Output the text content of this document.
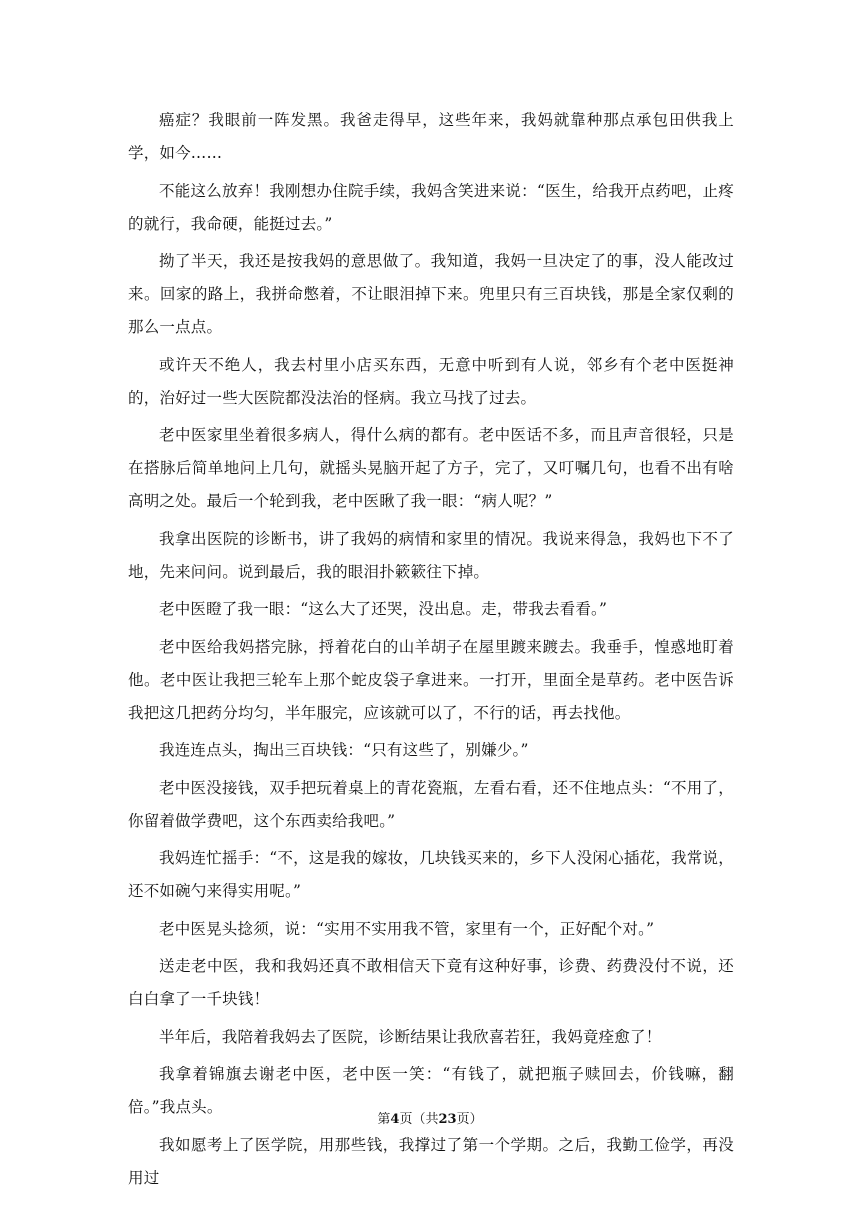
癌症？我眼前一阵发黑。我爸走得早，这些年来，我妈就靠种那点承包田供我上学，如今……

不能这么放弃！我刚想办住院手续，我妈含笑进来说：“医生，给我开点药吧，止疼的就行，我命硬，能挺过去。”

拗了半天，我还是按我妈的意思做了。我知道，我妈一旦决定了的事，没人能改过来。回家的路上，我拼命憋着，不让眼泪掉下来。兜里只有三百块钱，那是全家仅剩的那么一点点。

或许天不绝人，我去村里小店买东西，无意中听到有人说，邻乡有个老中医挺神的，治好过一些大医院都没法治的怪病。我立马找了过去。

老中医家里坐着很多病人，得什么病的都有。老中医话不多，而且声音很轻，只是在搭脉后简单地问上几句，就摇头晃脑开起了方子，完了，又叮嘱几句，也看不出有啥高明之处。最后一个轮到我，老中医瞅了我一眼：“病人呢？”

我拿出医院的诊断书，讲了我妈的病情和家里的情况。我说来得急，我妈也下不了地，先来问问。说到最后，我的眼泪扑簌簌往下掉。

老中医瞪了我一眼：“这么大了还哭，没出息。走，带我去看看。”

老中医给我妈搭完脉，捋着花白的山羊胡子在屋里踱来踱去。我垂手，惶惑地盯着他。老中医让我把三轮车上那个蛇皮袋子拿进来。一打开，里面全是草药。老中医告诉我把这几把药分均匀，半年服完，应该就可以了，不行的话，再去找他。

我连连点头，掏出三百块钱：“只有这些了，别嫌少。”

老中医没接钱，双手把玩着桌上的青花瓷瓶，左看右看，还不住地点头：“不用了，你留着做学费吧，这个东西卖给我吧。”

我妈连忙摇手：“不，这是我的嫁妆，几块钱买来的，乡下人没闲心插花，我常说，还不如碗勺来得实用呢。”

老中医晃头捻须，说：“实用不实用我不管，家里有一个，正好配个对。”

送走老中医，我和我妈还真不敢相信天下竟有这种好事，诊费、药费没付不说，还白白拿了一千块钱！

半年后，我陪着我妈去了医院，诊断结果让我欣喜若狂，我妈竟痊愈了！

我拿着锦旗去谢老中医，老中医一笑：“有钱了，就把瓶子赎回去，价钱嘛，翻倍。”我点头。

我如愿考上了医学院，用那些钱，我撑过了第一个学期。之后，我勤工俭学，再没用过

第4页（共23页）
